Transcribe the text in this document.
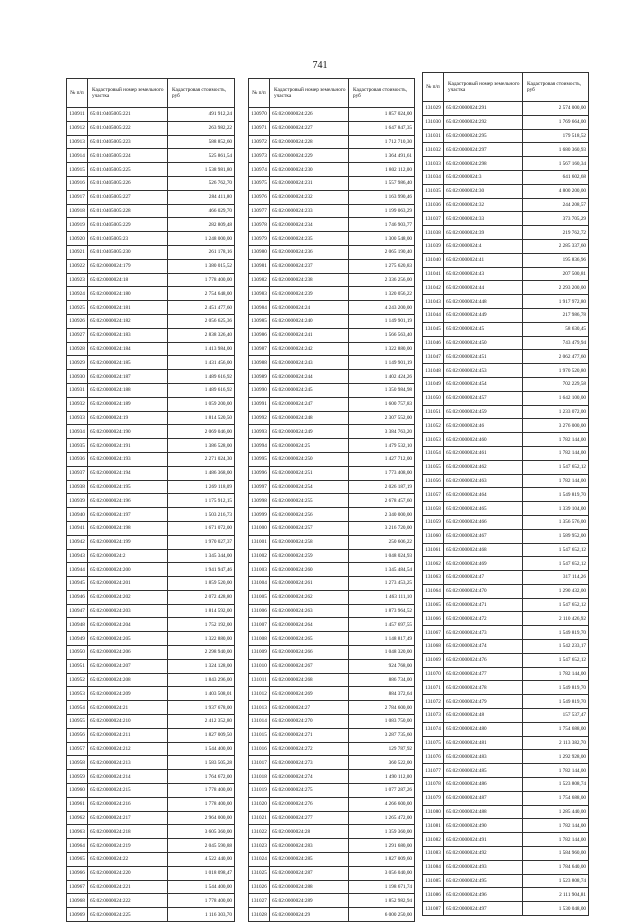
741
№ п/п	Кадастровый номер земельного участка	Кадастровая стоимость, руб
130911	65:01:0405005:221	491 912,24
130912	65:01:0405005:222	263 982,22
130913	65:01:0405005:223	588 852,60
130914	65:01:0405005:224	525 861,54
130915	65:01:0405005:225	1 538 981,80
130916	65:01:0405005:226	526 762,70
130917	65:01:0405005:227	284 411,80
130918	65:01:0405005:228	466 029,70
130919	65:01:0405005:229	282 809,48
130920	65:01:0405005:23	1 248 000,00
130921	65:01:0405005:230	261 178,16
130922	65:02:0000024:179	1 380 015,52
130923	65:02:0000024:18	1 778 400,00
130924	65:02:0000024:180	2 754 648,00
130925	65:02:0000024:181	2 451 477,60
130926	65:02:0000024:182	2 056 625,36
130927	65:02:0000024:183	2 838 326,40
130928	65:02:0000024:184	1 413 984,00
130929	65:02:0000024:185	1 431 456,00
130930	65:02:0000024:187	1 489 616,92
130931	65:02:0000024:188	1 489 616,92
130932	65:02:0000024:189	1 059 200,00
130933	65:02:0000024:19	1 814 520,50
130934	65:02:0000024:190	2 069 046,00
130935	65:02:0000024:191	1 386 528,00
130936	65:02:0000024:193	2 271 024,30
130937	65:02:0000024:194	1 486 368,00
130938	65:02:0000024:195	1 269 118,09
130939	65:02:0000024:196	1 175 912,15
130940	65:02:0000024:197	1 503 216,73
130941	65:02:0000024:198	1 671 072,00
130942	65:02:0000024:199	1 970 027,37
130943	65:02:0000024:2	1 345 344,00
130944	65:02:0000024:200	1 941 947,46
130945	65:02:0000024:201	1 859 520,00
130946	65:02:0000024:202	2 072 428,80
130947	65:02:0000024:203	1 814 592,00
130948	65:02:0000024:204	1 752 192,00
130949	65:02:0000024:205	1 322 880,00
130950	65:02:0000024:206	2 298 940,00
130951	65:02:0000024:207	1 324 128,00
130952	65:02:0000024:208	1 843 296,00
130953	65:02:0000024:209	1 403 508,01
130954	65:02:0000024:21	1 937 678,00
130955	65:02:0000024:210	2 412 352,80
130956	65:02:0000024:211	1 827 009,50
130957	65:02:0000024:212	1 544 400,00
130958	65:02:0000024:213	1 583 505,28
130959	65:02:0000024:214	1 764 672,00
130960	65:02:0000024:215	1 778 400,00
130961	65:02:0000024:216	1 778 400,00
130962	65:02:0000024:217	2 964 000,00
130963	65:02:0000024:218	3 605 360,00
130964	65:02:0000024:219	2 045 590,88
130965	65:02:0000024:22	4 522 440,00
130966	65:02:0000024:220	1 018 098,47
130967	65:02:0000024:221	1 544 400,00
130968	65:02:0000024:222	1 778 400,00
130969	65:02:0000024:225	1 116 303,70
№ п/п	Кадастровый номер земельного участка	Кадастровая стоимость, руб
130970	65:02:0000024:226	1 857 024,00
130971	65:02:0000024:227	1 647 847,35
130972	65:02:0000024:228	1 712 710,30
130973	65:02:0000024:229	1 364 491,61
130974	65:02:0000024:230	1 802 112,00
130975	65:02:0000024:231	1 557 986,40
130976	65:02:0000024:232	1 163 990,46
130977	65:02:0000024:233	1 199 063,29
130978	65:02:0000024:234	1 746 903,77
130979	65:02:0000024:235	1 300 548,00
130980	65:02:0000024:236	2 065 190,40
130981	65:02:0000024:237	1 275 620,83
130982	65:02:0000024:238	2 336 256,00
130983	65:02:0000024:239	1 320 056,22
130984	65:02:0000024:24	4 243 200,00
130985	65:02:0000024:240	1 149 901,19
130986	65:02:0000024:241	1 566 563,40
130987	65:02:0000024:242	1 322 880,00
130988	65:02:0000024:243	1 149 901,19
130989	65:02:0000024:244	1 402 424,26
130990	65:02:0000024:245	1 350 984,98
130991	65:02:0000024:247	1 600 757,83
130992	65:02:0000024:248	2 307 552,00
130993	65:02:0000024:249	3 384 763,20
130994	65:02:0000024:25	1 479 532,10
130995	65:02:0000024:250	1 427 712,00
130996	65:02:0000024:251	1 773 408,00
130997	65:02:0000024:254	2 026 187,19
130998	65:02:0000024:255	2 678 457,60
130999	65:02:0000024:256	2 340 000,00
131000	65:02:0000024:257	3 216 720,00
131001	65:02:0000024:258	250 606,22
131002	65:02:0000024:259	1 048 024,93
131003	65:02:0000024:260	1 345 484,54
131004	65:02:0000024:261	1 273 453,25
131005	65:02:0000024:262	1 463 111,10
131006	65:02:0000024:263	1 873 964,52
131007	65:02:0000024:264	1 457 697,55
131008	65:02:0000024:265	1 148 817,49
131009	65:02:0000024:266	1 048 320,00
131010	65:02:0000024:267	924 768,00
131011	65:02:0000024:268	886 734,00
131012	65:02:0000024:269	884 372,64
131013	65:02:0000024:27	2 784 600,00
131014	65:02:0000024:270	1 083 750,00
131015	65:02:0000024:271	3 287 735,60
131016	65:02:0000024:272	129 787,92
131017	65:02:0000024:273	360 522,00
131018	65:02:0000024:274	1 490 112,00
131019	65:02:0000024:275	1 077 287,26
131020	65:02:0000024:276	4 266 600,00
131021	65:02:0000024:277	1 265 472,00
131022	65:02:0000024:28	1 359 360,00
131023	65:02:0000024:283	1 291 680,00
131024	65:02:0000024:285	1 827 009,60
131025	65:02:0000024:287	3 056 040,00
131026	65:02:0000024:288	1 198 671,74
131027	65:02:0000024:289	1 852 982,94
131028	65:02:0000024:29	6 000 250,00
№ п/п	Кадастровый номер земельного участка	Кадастровая стоимость, руб
131029	65:02:0000024:291	2 574 000,00
131030	65:02:0000024:292	1 769 664,00
131031	65:02:0000024:295	179 518,52
131032	65:02:0000024:297	1 680 360,93
131033	65:02:0000024:298	1 567 160,34
131034	65:02:0000024:3	641 602,68
131035	65:02:0000024:30	4 800 200,00
131036	65:02:0000024:32	244 208,57
131037	65:02:0000024:33	373 705,29
131038	65:02:0000024:39	219 762,72
131039	65:02:0000024:4	2 285 337,60
131040	65:02:0000024:41	195 836,96
131041	65:02:0000024:43	207 500,81
131042	65:02:0000024:44	2 293 200,00
131043	65:02:0000024:448	1 917 972,80
131044	65:02:0000024:449	217 986,78
131045	65:02:0000024:45	58 630,45
131046	65:02:0000024:450	743 479,94
131047	65:02:0000024:451	2 062 477,60
131048	65:02:0000024:453	1 970 520,80
131049	65:02:0000024:454	702 229,58
131050	65:02:0000024:457	1 642 100,00
131051	65:02:0000024:459	1 233 072,00
131052	65:02:0000024:46	3 276 000,00
131053	65:02:0000024:460	1 782 144,00
131054	65:02:0000024:461	1 782 144,00
131055	65:02:0000024:462	1 547 652,12
131056	65:02:0000024:463	1 782 144,00
131057	65:02:0000024:464	1 549 819,70
131058	65:02:0000024:465	1 339 104,00
131059	65:02:0000024:466	1 356 576,00
131060	65:02:0000024:467	1 589 952,00
131061	65:02:0000024:468	1 547 652,12
131062	65:02:0000024:469	1 547 652,12
131063	65:02:0000024:47	317 114,26
131064	65:02:0000024:470	1 290 432,00
131065	65:02:0000024:471	1 547 652,12
131066	65:02:0000024:472	2 110 426,92
131067	65:02:0000024:473	1 549 819,70
131068	65:02:0000024:474	1 542 233,17
131069	65:02:0000024:476	1 547 652,12
131070	65:02:0000024:477	1 782 144,00
131071	65:02:0000024:478	1 549 819,70
131072	65:02:0000024:479	1 549 819,70
131073	65:02:0000024:48	157 537,47
131074	65:02:0000024:480	1 754 688,00
131075	65:02:0000024:481	2 113 382,70
131076	65:02:0000024:483	1 292 928,00
131077	65:02:0000024:485	1 782 144,00
131078	65:02:0000024:486	1 523 808,74
131079	65:02:0000024:487	1 754 688,00
131080	65:02:0000024:488	1 285 440,00
131081	65:02:0000024:490	1 782 144,00
131082	65:02:0000024:491	1 782 144,00
131083	65:02:0000024:492	1 584 960,00
131084	65:02:0000024:493	1 784 640,00
131085	65:02:0000024:495	1 523 808,74
131086	65:02:0000024:496	2 111 904,81
131087	65:02:0000024:497	1 530 048,00
